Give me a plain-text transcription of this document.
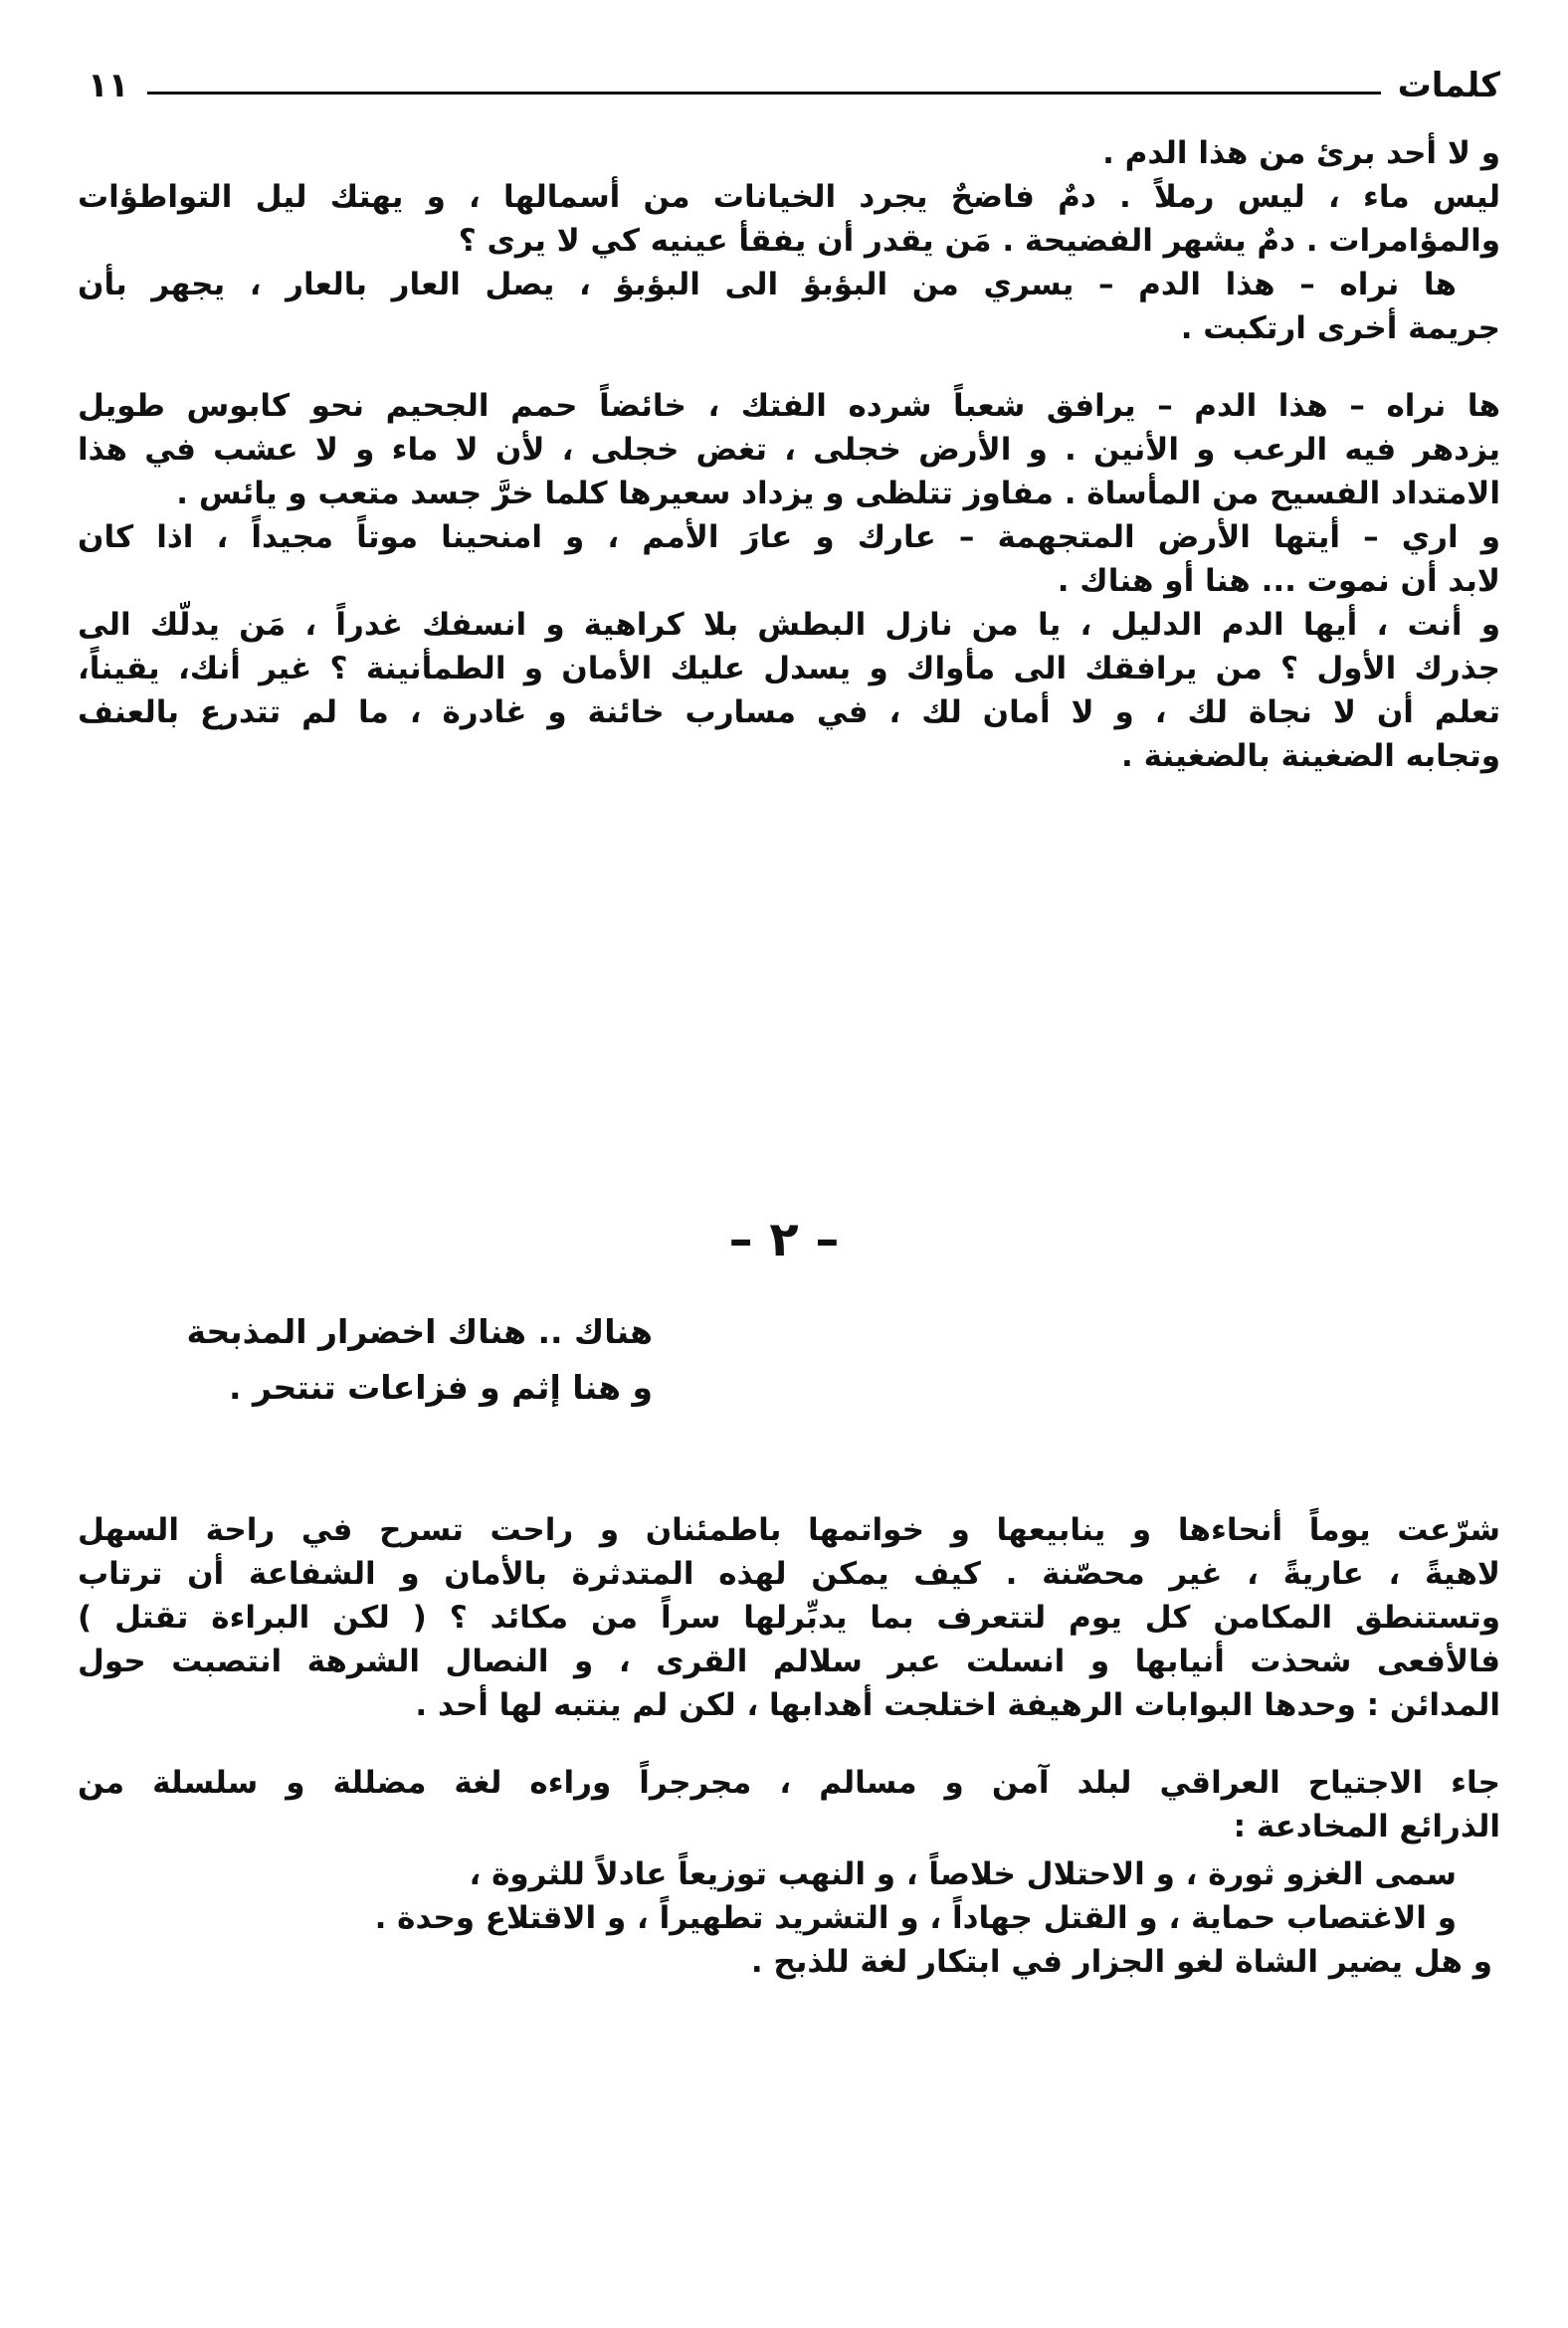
كلمات
١١
و لا أحد برئ من هذا الدم .
ليس ماء ، ليس رملاً . دمٌ فاضحٌ يجرد الخيانات من أسمالها ، و يهتك ليل التواطؤات
والمؤامرات . دمٌ يشهر الفضيحة . مَن يقدر أن يفقأ عينيه كي لا يرى ؟
ها نراه – هذا الدم – يسري من البؤبؤ الى البؤبؤ ، يصل العار بالعار ، يجهر بأن
جريمة أخرى ارتكبت .
ها نراه – هذا الدم – يرافق شعباً شرده الفتك ، خائضاً حمم الجحيم نحو كابوس طويل
يزدهر فيه الرعب و الأنين . و الأرض خجلى ، تغض خجلى ، لأن لا ماء و لا عشب في هذا
الامتداد الفسيح من المأساة . مفاوز تتلظى و يزداد سعيرها كلما خرَّ جسد متعب و يائس .
و اري – أيتها الأرض المتجهمة – عارك و عارَ الأمم ، و امنحينا موتاً مجيداً ، اذا كان
لابد أن نموت ... هنا أو هناك .
و أنت ، أيها الدم الدليل ، يا من نازل البطش بلا كراهية و انسفك غدراً ، مَن يدلّك الى
جذرك الأول ؟ من يرافقك الى مأواك و يسدل عليك الأمان و الطمأنينة ؟ غير أنك، يقيناً،
تعلم أن لا نجاة لك ، و لا أمان لك ، في مسارب خائنة و غادرة ، ما لم تتدرع بالعنف
وتجابه الضغينة بالضغينة .
– ٢ –
هناك .. هناك اخضرار المذبحة
و هنا إثم و فزاعات تنتحر .
شرّعت يوماً أنحاءها و ينابيعها و خواتمها باطمئنان و راحت تسرح في راحة السهل
لاهيةً ، عاريةً ، غير محصّنة . كيف يمكن لهذه المتدثرة بالأمان و الشفاعة أن ترتاب
وتستنطق المكامن كل يوم لتتعرف بما يدبِّرلها سراً من مكائد ؟ ( لكن البراءة تقتل )
فالأفعى شحذت أنيابها و انسلت عبر سلالم القرى ، و النصال الشرهة انتصبت حول
المدائن : وحدها البوابات الرهيفة اختلجت أهدابها ، لكن لم ينتبه لها أحد .
جاء الاجتياح العراقي لبلد آمن و مسالم ، مجرجراً وراءه لغة مضللة و سلسلة من
الذرائع المخادعة :
سمى الغزو ثورة ، و الاحتلال خلاصاً ، و النهب توزيعاً عادلاً للثروة ،
و الاغتصاب حماية ، و القتل جهاداً ، و التشريد تطهيراً ، و الاقتلاع وحدة .
و هل يضير الشاة لغو الجزار في ابتكار لغة للذبح .
